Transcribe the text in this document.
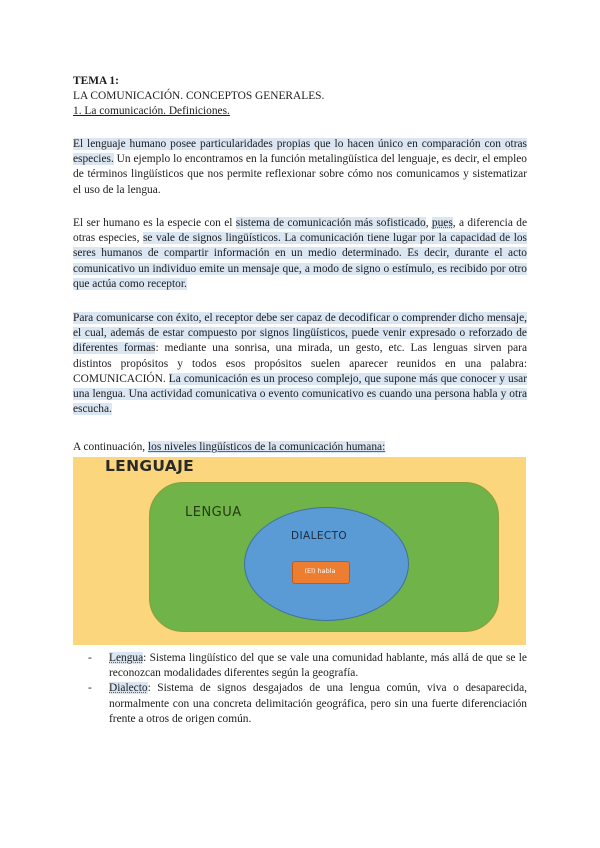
TEMA 1:
LA COMUNICACIÓN. CONCEPTOS GENERALES.
1. La comunicación. Definiciones.
El lenguaje humano posee particularidades propias que lo hacen único en comparación con otras especies. Un ejemplo lo encontramos en la función metalingüística del lenguaje, es decir, el empleo de términos lingüísticos que nos permite reflexionar sobre cómo nos comunicamos y sistematizar el uso de la lengua.
El ser humano es la especie con el sistema de comunicación más sofisticado, pues, a diferencia de otras especies, se vale de signos lingüísticos. La comunicación tiene lugar por la capacidad de los seres humanos de compartir información en un medio determinado. Es decir, durante el acto comunicativo un individuo emite un mensaje que, a modo de signo o estímulo, es recibido por otro que actúa como receptor.
Para comunicarse con éxito, el receptor debe ser capaz de decodificar o comprender dicho mensaje, el cual, además de estar compuesto por signos lingüísticos, puede venir expresado o reforzado de diferentes formas: mediante una sonrisa, una mirada, un gesto, etc. Las lenguas sirven para distintos propósitos y todos esos propósitos suelen aparecer reunidos en una palabra: COMUNICACIÓN. La comunicación es un proceso complejo, que supone más que conocer y usar una lengua. Una actividad comunicativa o evento comunicativo es cuando una persona habla y otra escucha.
A continuación, los niveles lingüísticos de la comunicación humana:
LENGUAJE
LENGUA
DIALECTO
(El) habla
- Lengua: Sistema lingüístico del que se vale una comunidad hablante, más allá de que se le reconozcan modalidades diferentes según la geografía.
- Dialecto: Sistema de signos desgajados de una lengua común, viva o desaparecida, normalmente con una concreta delimitación geográfica, pero sin una fuerte diferenciación frente a otros de origen común.
